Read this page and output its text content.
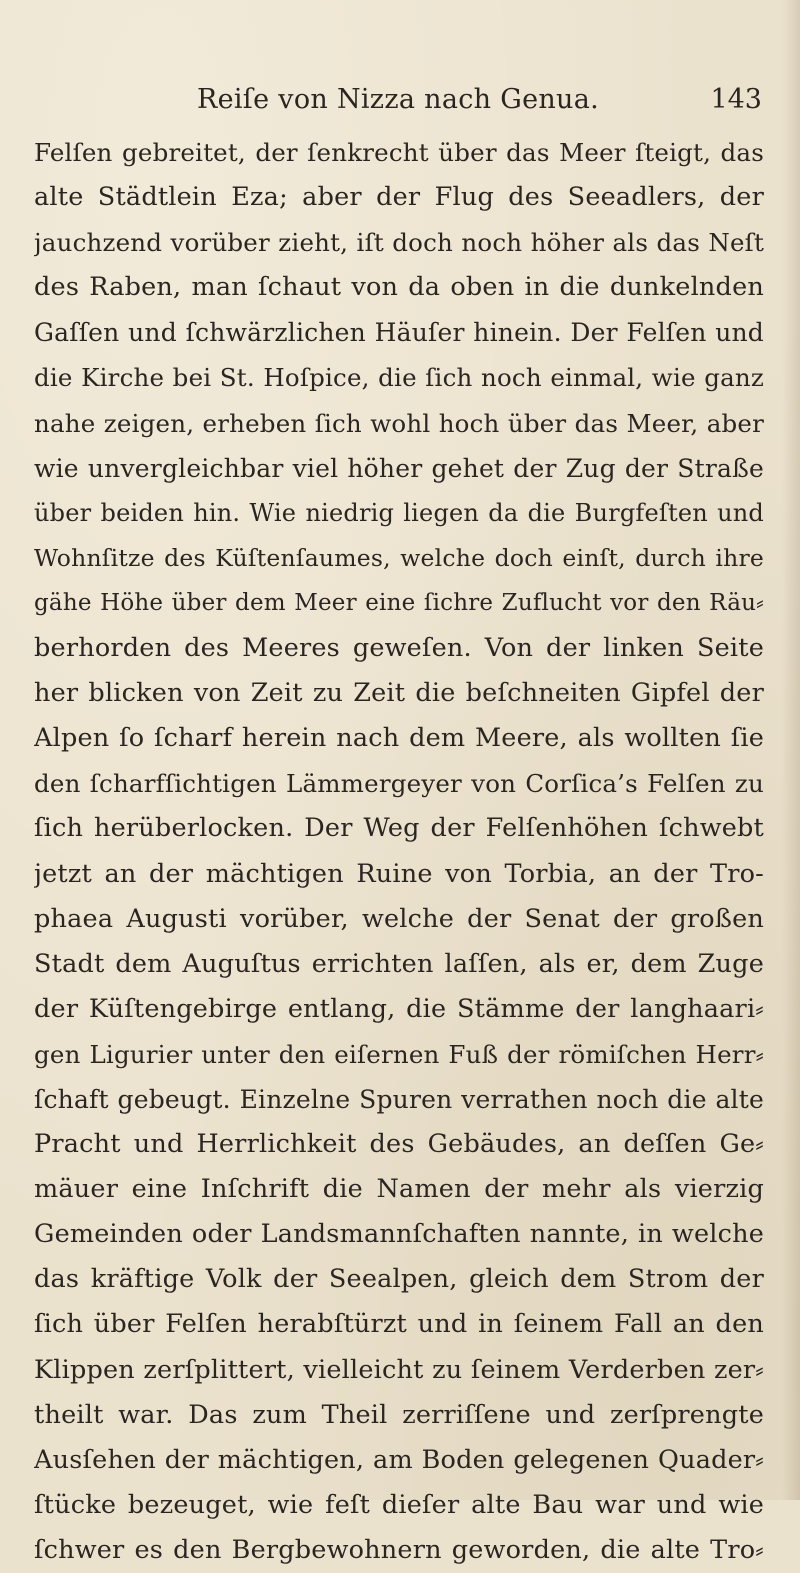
Reiſe von Nizza nach Genua.	143
Felſen gebreitet, der ſenkrecht über das Meer ſteigt, das
alte Städtlein Eza; aber der Flug des Seeadlers, der
jauchzend vorüber zieht, iſt doch noch höher als das Neſt
des Raben, man ſchaut von da oben in die dunkelnden
Gaſſen und ſchwärzlichen Häuſer hinein. Der Felſen und
die Kirche bei St. Hoſpice, die ſich noch einmal, wie ganz
nahe zeigen, erheben ſich wohl hoch über das Meer, aber
wie unvergleichbar viel höher gehet der Zug der Straße
über beiden hin. Wie niedrig liegen da die Burgfeſten und
Wohnſitze des Küſtenſaumes, welche doch einſt, durch ihre
gähe Höhe über dem Meer eine ſichre Zuflucht vor den Räu⸗
berhorden des Meeres geweſen. Von der linken Seite
her blicken von Zeit zu Zeit die beſchneiten Gipfel der
Alpen ſo ſcharf herein nach dem Meere, als wollten ſie
den ſcharfſichtigen Lämmergeyer von Corſica’s Felſen zu
ſich herüberlocken. Der Weg der Felſenhöhen ſchwebt
jetzt an der mächtigen Ruine von Torbia, an der Tro-
phaea Augusti vorüber, welche der Senat der großen
Stadt dem Auguſtus errichten laſſen, als er, dem Zuge
der Küſtengebirge entlang, die Stämme der langhaari⸗
gen Ligurier unter den eiſernen Fuß der römiſchen Herr⸗
ſchaft gebeugt. Einzelne Spuren verrathen noch die alte
Pracht und Herrlichkeit des Gebäudes, an deſſen Ge⸗
mäuer eine Inſchrift die Namen der mehr als vierzig
Gemeinden oder Landsmannſchaften nannte, in welche
das kräftige Volk der Seealpen, gleich dem Strom der
ſich über Felſen herabſtürzt und in ſeinem Fall an den
Klippen zerſplittert, vielleicht zu ſeinem Verderben zer⸗
theilt war. Das zum Theil zerriſſene und zerſprengte
Ausſehen der mächtigen, am Boden gelegenen Quader⸗
ſtücke bezeuget, wie feſt dieſer alte Bau war und wie
ſchwer es den Bergbewohnern geworden, die alte Tro⸗
